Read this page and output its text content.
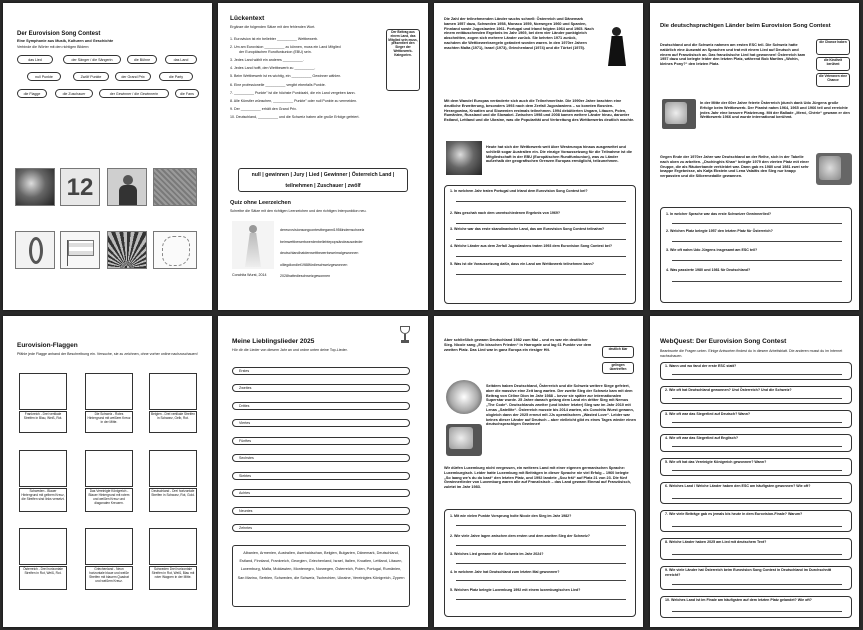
Der Eurovision Song Contest
Eine Symphonie aus Musik, Kulturen und Geschichte
Verbinde die Wörter mit den richtigen Bildern:
das Lied	der Sänger / die Sängerin	die Bühne	das Land
null Punkte	Zwölf Punkte	der Grand Prix	die Party
die Flagge	die Zuschauer	der Gewinner / die Gewinnerin	die Fans
12
Lückentext
Ergänze die folgenden Sätze mit den fehlenden Wort.
1. Eurovision ist ein beliebter __________ Wettbewerb.
2. Um am Eurovision __________ zu können, muss ein Land Mitglied
der Europäischen Rundfunkunion (EBU) sein.
3. Jedes Land wählt ein anderes __________.
4. Jedes Land hofft, den Wettbewerb zu __________.
5. Beim Wettbewerb ist es wichtig, ein __________ Gewinner wählen.
6. Eine professionelle __________ vergibt ebenfalls Punkte.
7. __________ Punkte" ist die höchste Punktzahl, die ein Land vergeben kann.
8. Alle Künstler wünschen, __________ Punkte" oder null Punkte zu vermeiden.
9. Der __________ erhält den Grand Prix.
10. Deutschland, __________ und die Schweiz haben alle große Erfolge gefeiert.
Der Beitrag aus einem Land, das Mitglied sein muss, präsentiert den Sieger der Wettbewerb-Kategorien.
null | gewinnen | Jury | Lied | Gewinner | Österreich Land | teilnehmen | Zuschauer | zwölf
Quiz ohne Leerzeichen
Schreibe die Sätze mit den richtigen Leerzeichen und den richtigen Interpunktion neu.
Conchita Wurst, 2014
dereurovisionsongcontestbeganni1956indemschweiz
beimwettbewerbwerdenbeliebtepopsändeauswleder
deutschlandhatdenwettbewerbzweimalgewonnen
olliegdiondiet1988fürdieschweizgewonnen
2028hattedieschweizgewonnen
Die Zahl der teilnehmenden Länder wuchs schnell: Österreich und Dänemark kamen 1957 dazu, Schweden 1958, Monaco 1959, Norwegen 1960 und Spanien, Finnland sowie Jugoslawien 1961. Portugal und Irland folgten 1964 und 1965. Nach einem enttäuschenden Ergebnis im Jahr 1969, bei dem vier Länder punktgleich abschnitten, zogen sich mehrere Länder zurück. Sie kehrten 1971 zurück, nachdem die Wettbewerbsregeln geändert worden waren. In den 1970er Jahren machten Malta (1971), Israel (1973), Griechenland (1974) und die Türkei (1975).
Mit dem Wandel Europas veränderte sich auch die Teilnehmerliste. Die 1990er Jahre brachten eine deutliche Erweiterung, besonders 1993 nach dem Zerfall Jugoslawiens – so konnten Bosnien-Herzegowina, Kroatien und Slowenien erstmals teilnehmen. 1994 debütierten Ungarn, Litauen, Polen, Rumänien, Russland und die Slowakei. Zwischen 1998 und 2008 kamen weitere Länder hinzu, darunter Estland, Lettland und die Ukraine, was die Popularität und Verbreitung des Wettbewerbs deutlich machte.
Heute hat sich der Wettbewerb weit über Westeuropa hinaus ausgeweitet und schließt sogar Australien ein. Die einzige Voraussetzung für die Teilnahme ist die Mitgliedschaft in der EBU (Europäischen Rundfunkunion), was zu Länder außerhalb der geografischen Grenzen Europas ermöglicht, teilzunehmen.
1. In welchem Jahr traten Portugal und Irland dem Eurovision Song Contest bei?
2. Was geschah nach dem unentschiedenen Ergebnis von 1969?
3. Welche war das erste skandinavische Land, das am Eurovision Song Contest teilnahm?
4. Welche Länder aus dem Zerfall Jugoslawiens traten 1993 dem Eurovision Song Contest bei?
5. Was ist die Voraussetzung dafür, dass ein Land am Wettbewerb teilnehmen kann?
Die deutschsprachigen Länder beim Eurovision Song Contest
Deutschland und die Schweiz nahmen am ersten ESC teil. Die Schweiz hatte natürlich eine Auswahl an Sprachen und trat mit einem Lied auf Deutsch und einem auf Französisch an. Das französische Lied hat gewonnen! Österreich kam 1957 dazu und belegte leider den letzten Platz, während Bob Martins „Wohin, kleines Pony?“ den letzten Platz.
die Chance haben
die Kindheit berühmt
die Veteranen eine Chance
In der Mitte der 60er Jahre feierte Österreich (durch dank Udo Jürgens große Erfolge beim Wettbewerb. Der Pianist nahm 1964, 1965 und 1966 teil und erreichte jedes Jahr eine bessere Platzierung. Mit der Ballade „Merci, Chérie“ gewann er den Wettbewerb 1966 und wurde international berühmt.
Gegen Ende der 1970er Jahre war Deutschland an der Reihe, sich in der Tabelle nach oben zu arbeiten. „Dschinghis Khan“ belegte 1979 den vierten Platz mit einer Gruppe, die als Räuberbande verkleidet war. Dann gab es 1980 und 1981 zwei sehr knappe Ergebnisse, als Katja Ebstein und Lena Valaitis den Sieg nur knapp verpassten und die Silbermedaille gewannen.
1. In welcher Sprache war das erste Schweizer Gewinnerlied?
2. Welchen Platz belegte 1957 den letzten Platz für Österreich?
3. Wie oft nahm Udo Jürgens insgesamt am ESC teil?
4. Was passierte 1980 und 1981 für Deutschland?
Eurovision-Flaggen
Pfähle jede Flagge anhand der Beschreibung ein. Versuche, sie zu zeichnen, ohne vorher online nachzuschauen!
Frankreich - Drei vertikale Streifen in Blau, Weiß, Rot.
Die Schweiz - Rotes Hintergrund mit weißem Kreuz in der Mitte.
Belgien - Drei vertikale Streifen in Schwarz, Gelb, Rot.
Schweden - Blauer Hintergrund mit gelbem Kreuz, die Streifen sind links versetzt.
Das Vereinigte Königreich - Blauer Hintergrund mit rotem und weißen Kreuz und diagonalen Kreuzen.
Deutschland - Drei horizontale Streifen in Schwarz, Rot, Gold.
Österreich - Drei horizontale Streifen in Rot, Weiß, Rot.
Griechenland - Neun horizontale blaue und weiße Streifen mit blauem Quadrat und weißem Kreuz.
Schweden Drei horizontale Streifen in Rot, Weiß, Blau mit roter Wappen in der Mitte.
Meine Lieblingslieder 2025
Hör dir die Lieder von diesem Jahr an und ordne unten deine Top-Lieder.
Erstes
Zweites
Drittes
Viertes
Fünftes
Sechstes
Siebtes
Achtes
Neuntes
Zehntes
Albanien, Armenien, Australien, Aserbaidschan, Belgien, Bulgarien, Dänemark, Deutschland, Estland, Finnland, Frankreich, Georgien, Griechenland, Israel, Italien, Kroatien, Lettland, Litauen, Luxemburg, Malta, Moldawien, Montenegro, Norwegen, Österreich, Polen, Portugal, Rumänien, San Marino, Serbien, Schweden, die Schweiz, Tschechien, Ukraine, Vereinigtes Königreich, Zypern
Aber schließlich gewann Deutschland 1982 zum Mal – und es war ein deutlicher Sieg. Nicole sang „Ein bisschen Frieden“ in Harrogate und lag 61 Punkte vor dem zweiten Platz. Das Lied war in ganz Europa ein riesiger Hit.	deutlich klar
gelingen übertreffen
Seitdem haben Deutschland, Österreich und die Schweiz weitere Siege gefeiert, aber die massive eine Zeit lang warten. Der zweite Sieg der Schweiz kam mit dem Beitrag von Céline Dion im Jahr 1988 – bevor sie später zur internationalen Superstar wurde. 25 Jahre danach gelang dem Land ein dritter Sieg mit Nemos „The Code“. Deutschlands zweiter (und bisher letzter) Sieg war im Jahr 2010 mit Lenas „Satellite“. Österreich musste bis 2014 warten, als Conchita Wurst gewann, obgleich dann der 2025 erneut mit JJs operatischem „Wasted Love“. Leider war keines dieser Länder auf Deutsch – aber vielleicht gibt es eines Tages wieder einen deutschsprachigen Gewinner!
Wir dürfen Luxemburg nicht vergessen, ein weiteres Land mit einer eigenen germanischen Sprache: Luxemburgisch. Leider hatte Luxemburg mit Beiträgen in dieser Sprache nie viel Erfolg – 1960 belegte „So laang we's du do bast“ den letzten Platz, und 1992 landete „Sou fräi“ auf Platz 21 von 23. Die fünf Gewinnerlieder von Luxemburg waren alle auf Französisch – das Land gewann Einmal auf Französisch, zuletzt im Jahr 1983.
1. Mit wie vielen Punkte Vorsprung holte Nicole den Sieg im Jahr 1982?
2. Wie viele Jahre lagen zwischen dem ersten und dem zweiten Sieg der Schweiz?
3. Welches Lied gewann für die Schweiz im Jahr 2024?
4. In welchem Jahr hat Deutschland zum letzten Mal gewonnen?
5. Welchen Platz belegte Luxemburg 1992 mit einem luxemburgischen Lied?
WebQuest: Der Eurovision Song Contest
Beantworte die Fragen unten. Einige Antworten findest du in diesem Arbeitsblatt. Die anderen musst du im Internet nachschauen.
1. Wann und wo fand der erste ESC statt?
2. Wie oft hat Deutschland gewonnen? Und Österreich? Und die Schweiz?
3. Wie oft war das Siegerlied auf Deutsch? Wann?
4. Wie oft war das Siegerlied auf Englisch?
5. Wie oft hat das Vereinigte Königreich gewonnen? Wann?
6. Welches Land / Welche Länder haben den ESC am häufigsten gewonnen? Wie oft?
7. Wie viele Beiträge gab es jemals bis heute in dem Eurovision-Finale? Warum?
8. Welche Länder haben 2025 am Lied mit deutschem Text?
9. Wie viele Länder hat Österreich beim Eurovision Song Contest in Deutschland im Durchschnitt erreicht?
10. Welches Land ist im Finale am häufigsten auf dem letzten Platz gelandet? Wie oft?
